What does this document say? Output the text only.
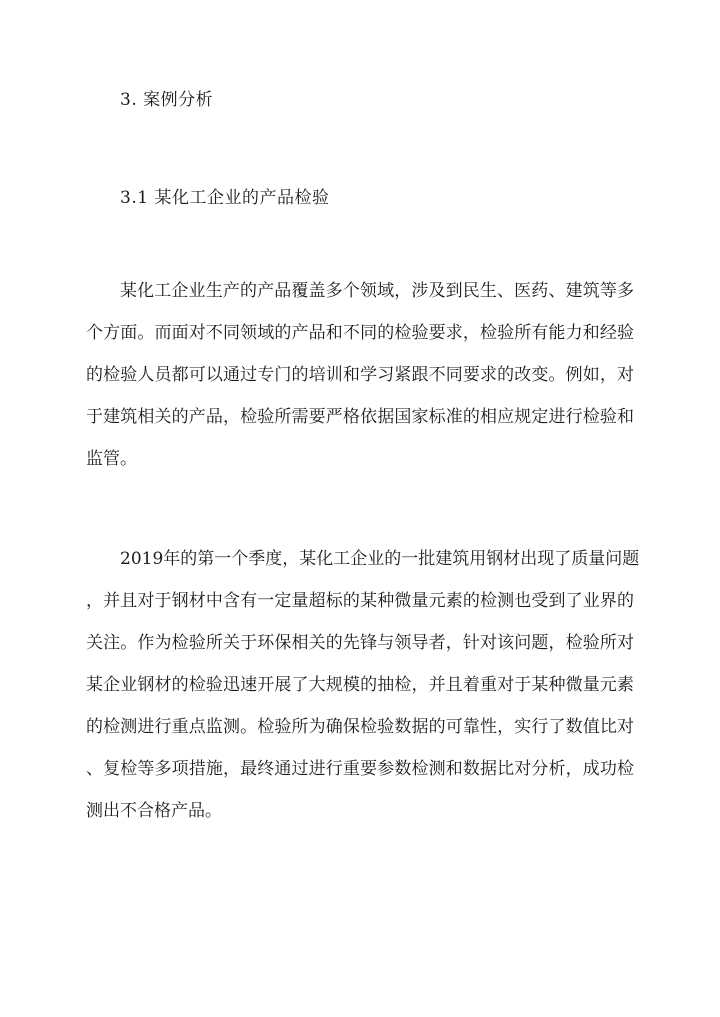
3. 案例分析
3.1 某化工企业的产品检验
某化工企业生产的产品覆盖多个领域，涉及到民生、医药、建筑等多
个方面。而面对不同领域的产品和不同的检验要求，检验所有能力和经验
的检验人员都可以通过专门的培训和学习紧跟不同要求的改变。例如，对
于建筑相关的产品，检验所需要严格依据国家标准的相应规定进行检验和
监管。
2019年的第一个季度，某化工企业的一批建筑用钢材出现了质量问题
，并且对于钢材中含有一定量超标的某种微量元素的检测也受到了业界的
关注。作为检验所关于环保相关的先锋与领导者，针对该问题，检验所对
某企业钢材的检验迅速开展了大规模的抽检，并且着重对于某种微量元素
的检测进行重点监测。检验所为确保检验数据的可靠性，实行了数值比对
、复检等多项措施，最终通过进行重要参数检测和数据比对分析，成功检
测出不合格产品。
